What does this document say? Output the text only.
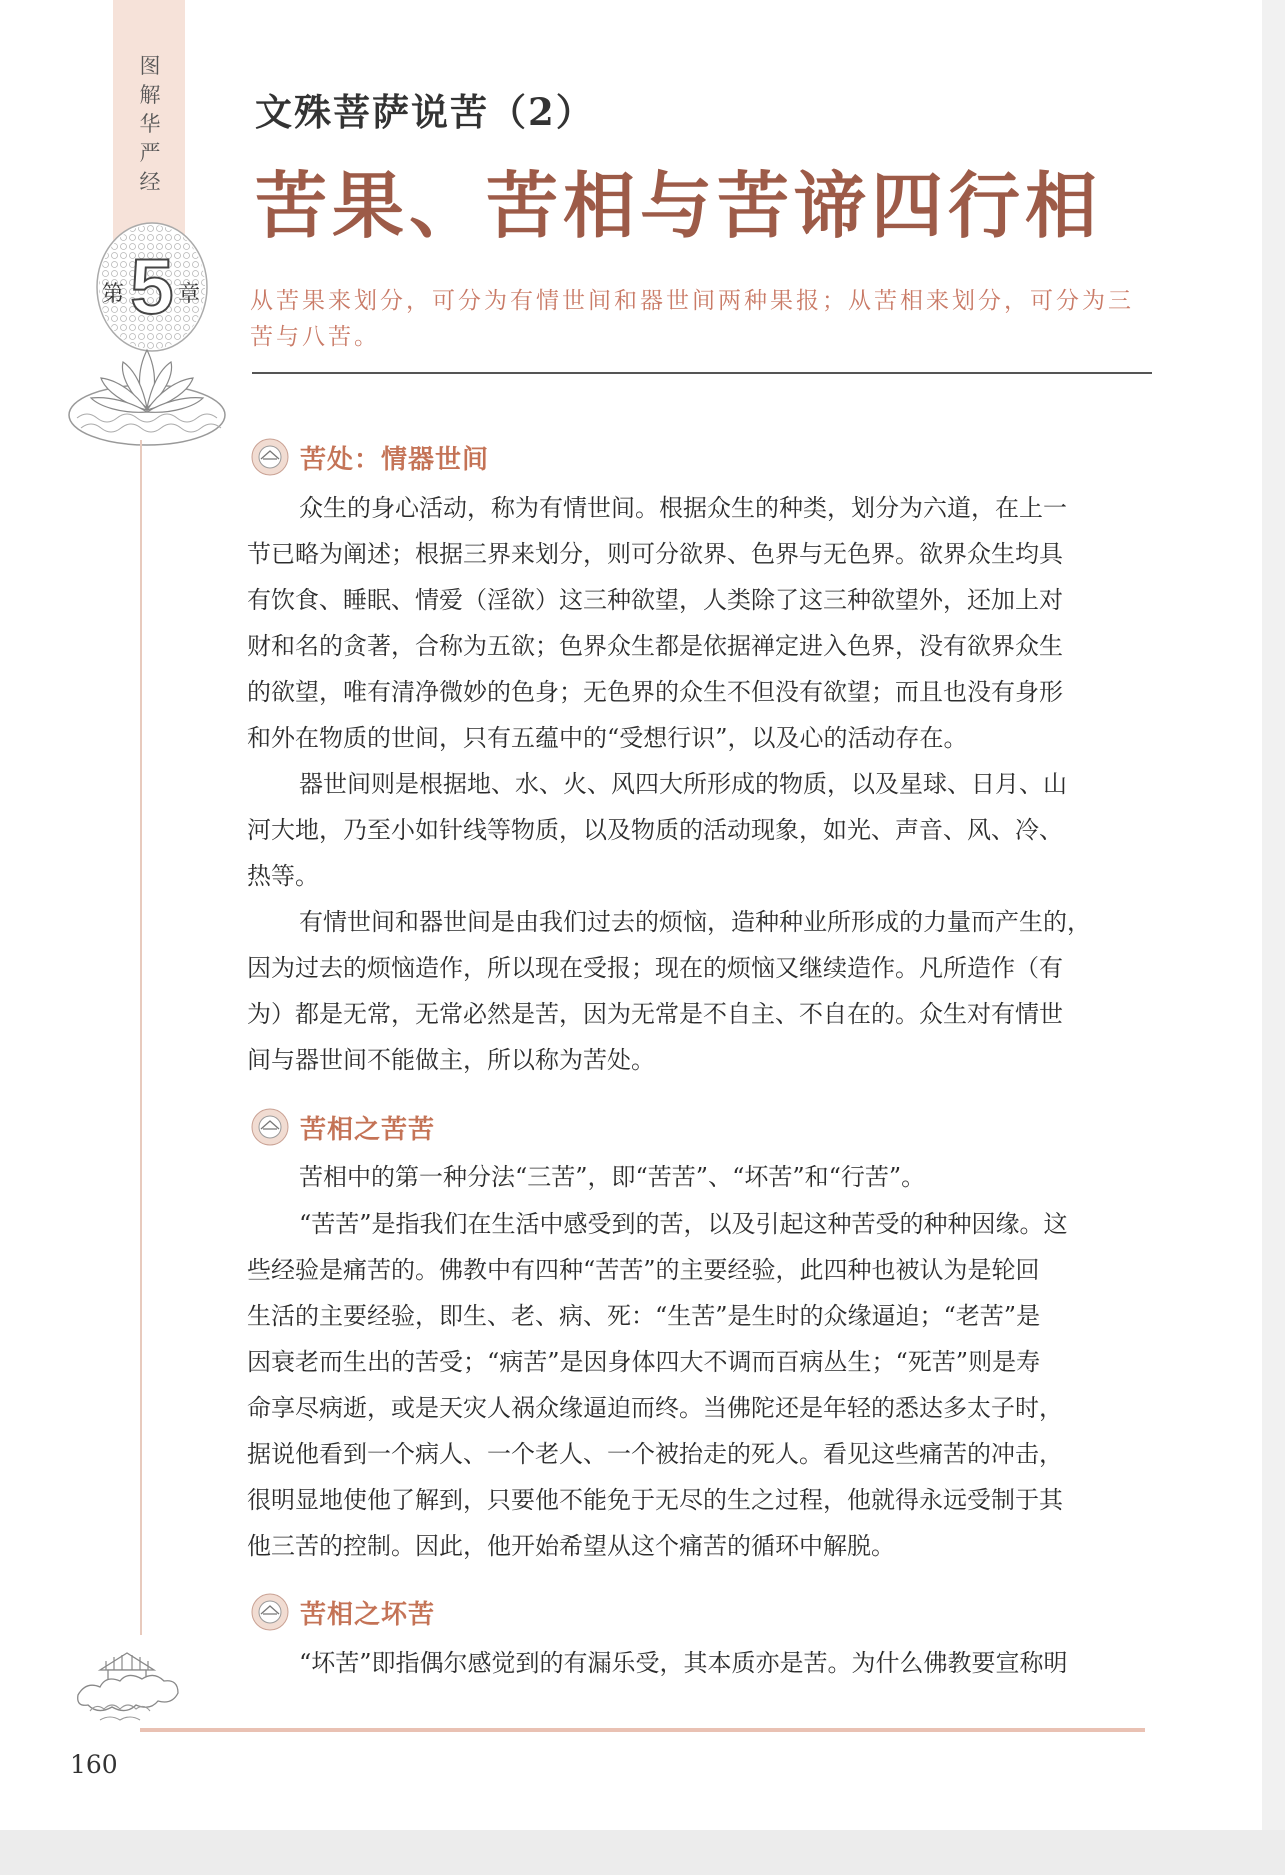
图
解
华
严
经
5
第 章
160
文殊菩萨说苦（2）
苦果、苦相与苦谛四行相
从苦果来划分，可分为有情世间和器世间两种果报；从苦相来划分，可分为三
苦与八苦。
苦处：情器世间
众生的身心活动，称为有情世间。根据众生的种类，划分为六道，在上一
节已略为阐述；根据三界来划分，则可分欲界、色界与无色界。欲界众生均具
有饮食、睡眠、情爱（淫欲）这三种欲望，人类除了这三种欲望外，还加上对
财和名的贪著，合称为五欲；色界众生都是依据禅定进入色界，没有欲界众生
的欲望，唯有清净微妙的色身；无色界的众生不但没有欲望；而且也没有身形
和外在物质的世间，只有五蕴中的“受想行识”，以及心的活动存在。
器世间则是根据地、水、火、风四大所形成的物质，以及星球、日月、山
河大地，乃至小如针线等物质，以及物质的活动现象，如光、声音、风、冷、
热等。
有情世间和器世间是由我们过去的烦恼，造种种业所形成的力量而产生的，
因为过去的烦恼造作，所以现在受报；现在的烦恼又继续造作。凡所造作（有
为）都是无常，无常必然是苦，因为无常是不自主、不自在的。众生对有情世
间与器世间不能做主，所以称为苦处。
苦相之苦苦
苦相中的第一种分法“三苦”，即“苦苦”、“坏苦”和“行苦”。
“苦苦”是指我们在生活中感受到的苦，以及引起这种苦受的种种因缘。这
些经验是痛苦的。佛教中有四种“苦苦”的主要经验，此四种也被认为是轮回
生活的主要经验，即生、老、病、死：“生苦”是生时的众缘逼迫；“老苦”是
因衰老而生出的苦受；“病苦”是因身体四大不调而百病丛生；“死苦”则是寿
命享尽病逝，或是天灾人祸众缘逼迫而终。当佛陀还是年轻的悉达多太子时，
据说他看到一个病人、一个老人、一个被抬走的死人。看见这些痛苦的冲击，
很明显地使他了解到，只要他不能免于无尽的生之过程，他就得永远受制于其
他三苦的控制。因此，他开始希望从这个痛苦的循环中解脱。
苦相之坏苦
“坏苦”即指偶尔感觉到的有漏乐受，其本质亦是苦。为什么佛教要宣称明
